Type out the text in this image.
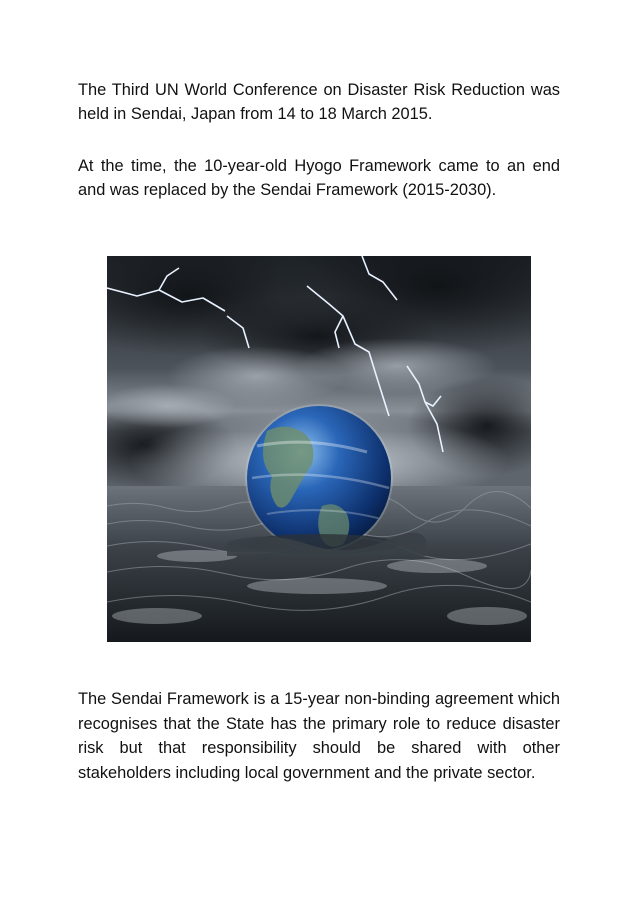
The Third UN World Conference on Disaster Risk Reduction was held in Sendai, Japan from 14 to 18 March 2015.

At the time, the 10-year-old Hyogo Framework came to an end and was replaced by the Sendai Framework (2015-2030).

The Sendai Framework is a 15-year non-binding agreement which recognises that the State has the primary role to reduce disaster risk but that responsibility should be shared with other stakeholders including local government and the private sector.
